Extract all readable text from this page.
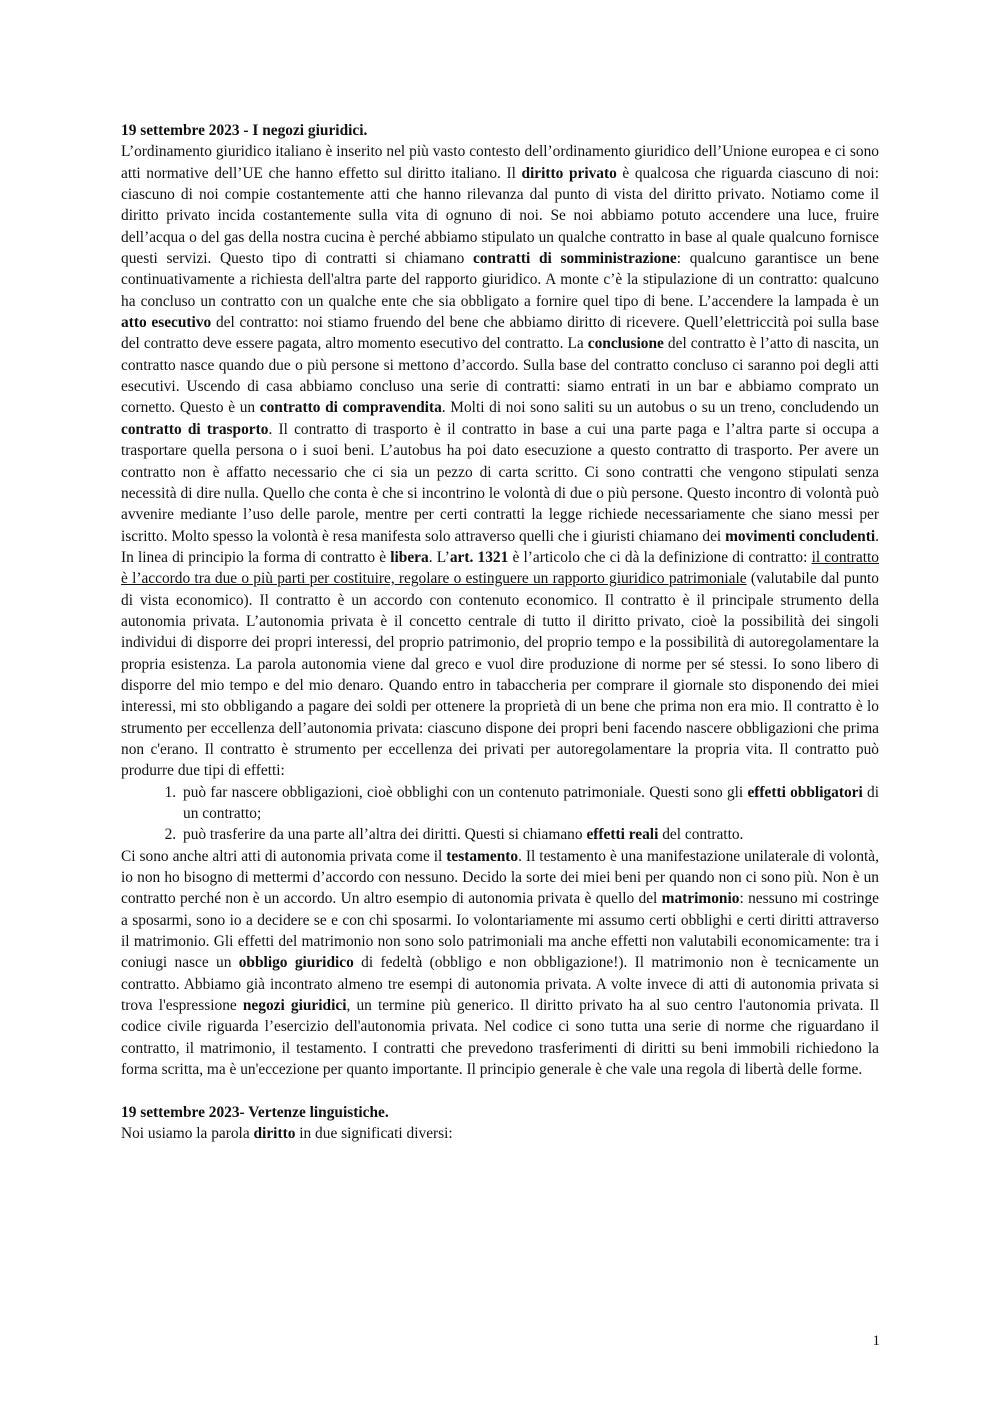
19 settembre 2023 - I negozi giuridici.

L’ordinamento giuridico italiano è inserito nel più vasto contesto dell’ordinamento giuridico dell’Unione europea e ci sono atti normative dell’UE che hanno effetto sul diritto italiano. Il diritto privato è qualcosa che riguarda ciascuno di noi: ciascuno di noi compie costantemente atti che hanno rilevanza dal punto di vista del diritto privato. Notiamo come il diritto privato incida costantemente sulla vita di ognuno di noi. Se noi abbiamo potuto accendere una luce, fruire dell’acqua o del gas della nostra cucina è perché abbiamo stipulato un qualche contratto in base al quale qualcuno fornisce questi servizi. Questo tipo di contratti si chiamano contratti di somministrazione: qualcuno garantisce un bene continuativamente a richiesta dell'altra parte del rapporto giuridico. A monte c’è la stipulazione di un contratto: qualcuno ha concluso un contratto con un qualche ente che sia obbligato a fornire quel tipo di bene. L’accendere la lampada è un atto esecutivo del contratto: noi stiamo fruendo del bene che abbiamo diritto di ricevere. Quell’elettriccità poi sulla base del contratto deve essere pagata, altro momento esecutivo del contratto. La conclusione del contratto è l’atto di nascita, un contratto nasce quando due o più persone si mettono d’accordo. Sulla base del contratto concluso ci saranno poi degli atti esecutivi. Uscendo di casa abbiamo concluso una serie di contratti: siamo entrati in un bar e abbiamo comprato un cornetto. Questo è un contratto di compravendita. Molti di noi sono saliti su un autobus o su un treno, concludendo un contratto di trasporto. Il contratto di trasporto è il contratto in base a cui una parte paga e l’altra parte si occupa a trasportare quella persona o i suoi beni. L’autobus ha poi dato esecuzione a questo contratto di trasporto. Per avere un contratto non è affatto necessario che ci sia un pezzo di carta scritto. Ci sono contratti che vengono stipulati senza necessità di dire nulla. Quello che conta è che si incontrino le volontà di due o più persone. Questo incontro di volontà può avvenire mediante l’uso delle parole, mentre per certi contratti la legge richiede necessariamente che siano messi per iscritto. Molto spesso la volontà è resa manifesta solo attraverso quelli che i giuristi chiamano dei movimenti concludenti. In linea di principio la forma di contratto è libera. L’art. 1321 è l’articolo che ci dà la definizione di contratto: il contratto è l’accordo tra due o più parti per costituire, regolare o estinguere un rapporto giuridico patrimoniale (valutabile dal punto di vista economico). Il contratto è un accordo con contenuto economico. Il contratto è il principale strumento della autonomia privata. L’autonomia privata è il concetto centrale di tutto il diritto privato, cioè la possibilità dei singoli individui di disporre dei propri interessi, del proprio patrimonio, del proprio tempo e la possibilità di autoregolamentare la propria esistenza. La parola autonomia viene dal greco e vuol dire produzione di norme per sé stessi. Io sono libero di disporre del mio tempo e del mio denaro. Quando entro in tabaccheria per comprare il giornale sto disponendo dei miei interessi, mi sto obbligando a pagare dei soldi per ottenere la proprietà di un bene che prima non era mio. Il contratto è lo strumento per eccellenza dell’autonomia privata: ciascuno dispone dei propri beni facendo nascere obbligazioni che prima non c'erano. Il contratto è strumento per eccellenza dei privati per autoregolamentare la propria vita. Il contratto può produrre due tipi di effetti:

1. può far nascere obbligazioni, cioè obblighi con un contenuto patrimoniale. Questi sono gli effetti obbligatori di un contratto;
2. può trasferire da una parte all’altra dei diritti. Questi si chiamano effetti reali del contratto.

Ci sono anche altri atti di autonomia privata come il testamento. Il testamento è una manifestazione unilaterale di volontà, io non ho bisogno di mettermi d’accordo con nessuno. Decido la sorte dei miei beni per quando non ci sono più. Non è un contratto perché non è un accordo. Un altro esempio di autonomia privata è quello del matrimonio: nessuno mi costringe a sposarmi, sono io a decidere se e con chi sposarmi. Io volontariamente mi assumo certi obblighi e certi diritti attraverso il matrimonio. Gli effetti del matrimonio non sono solo patrimoniali ma anche effetti non valutabili economicamente: tra i coniugi nasce un obbligo giuridico di fedeltà (obbligo e non obbligazione!). Il matrimonio non è tecnicamente un contratto. Abbiamo già incontrato almeno tre esempi di autonomia privata. A volte invece di atti di autonomia privata si trova l'espressione negozi giuridici, un termine più generico. Il diritto privato ha al suo centro l'autonomia privata. Il codice civile riguarda l’esercizio dell'autonomia privata. Nel codice ci sono tutta una serie di norme che riguardano il contratto, il matrimonio, il testamento. I contratti che prevedono trasferimenti di diritti su beni immobili richiedono la forma scritta, ma è un'eccezione per quanto importante. Il principio generale è che vale una regola di libertà delle forme.

19 settembre 2023- Vertenze linguistiche.

Noi usiamo la parola diritto in due significati diversi:

1
